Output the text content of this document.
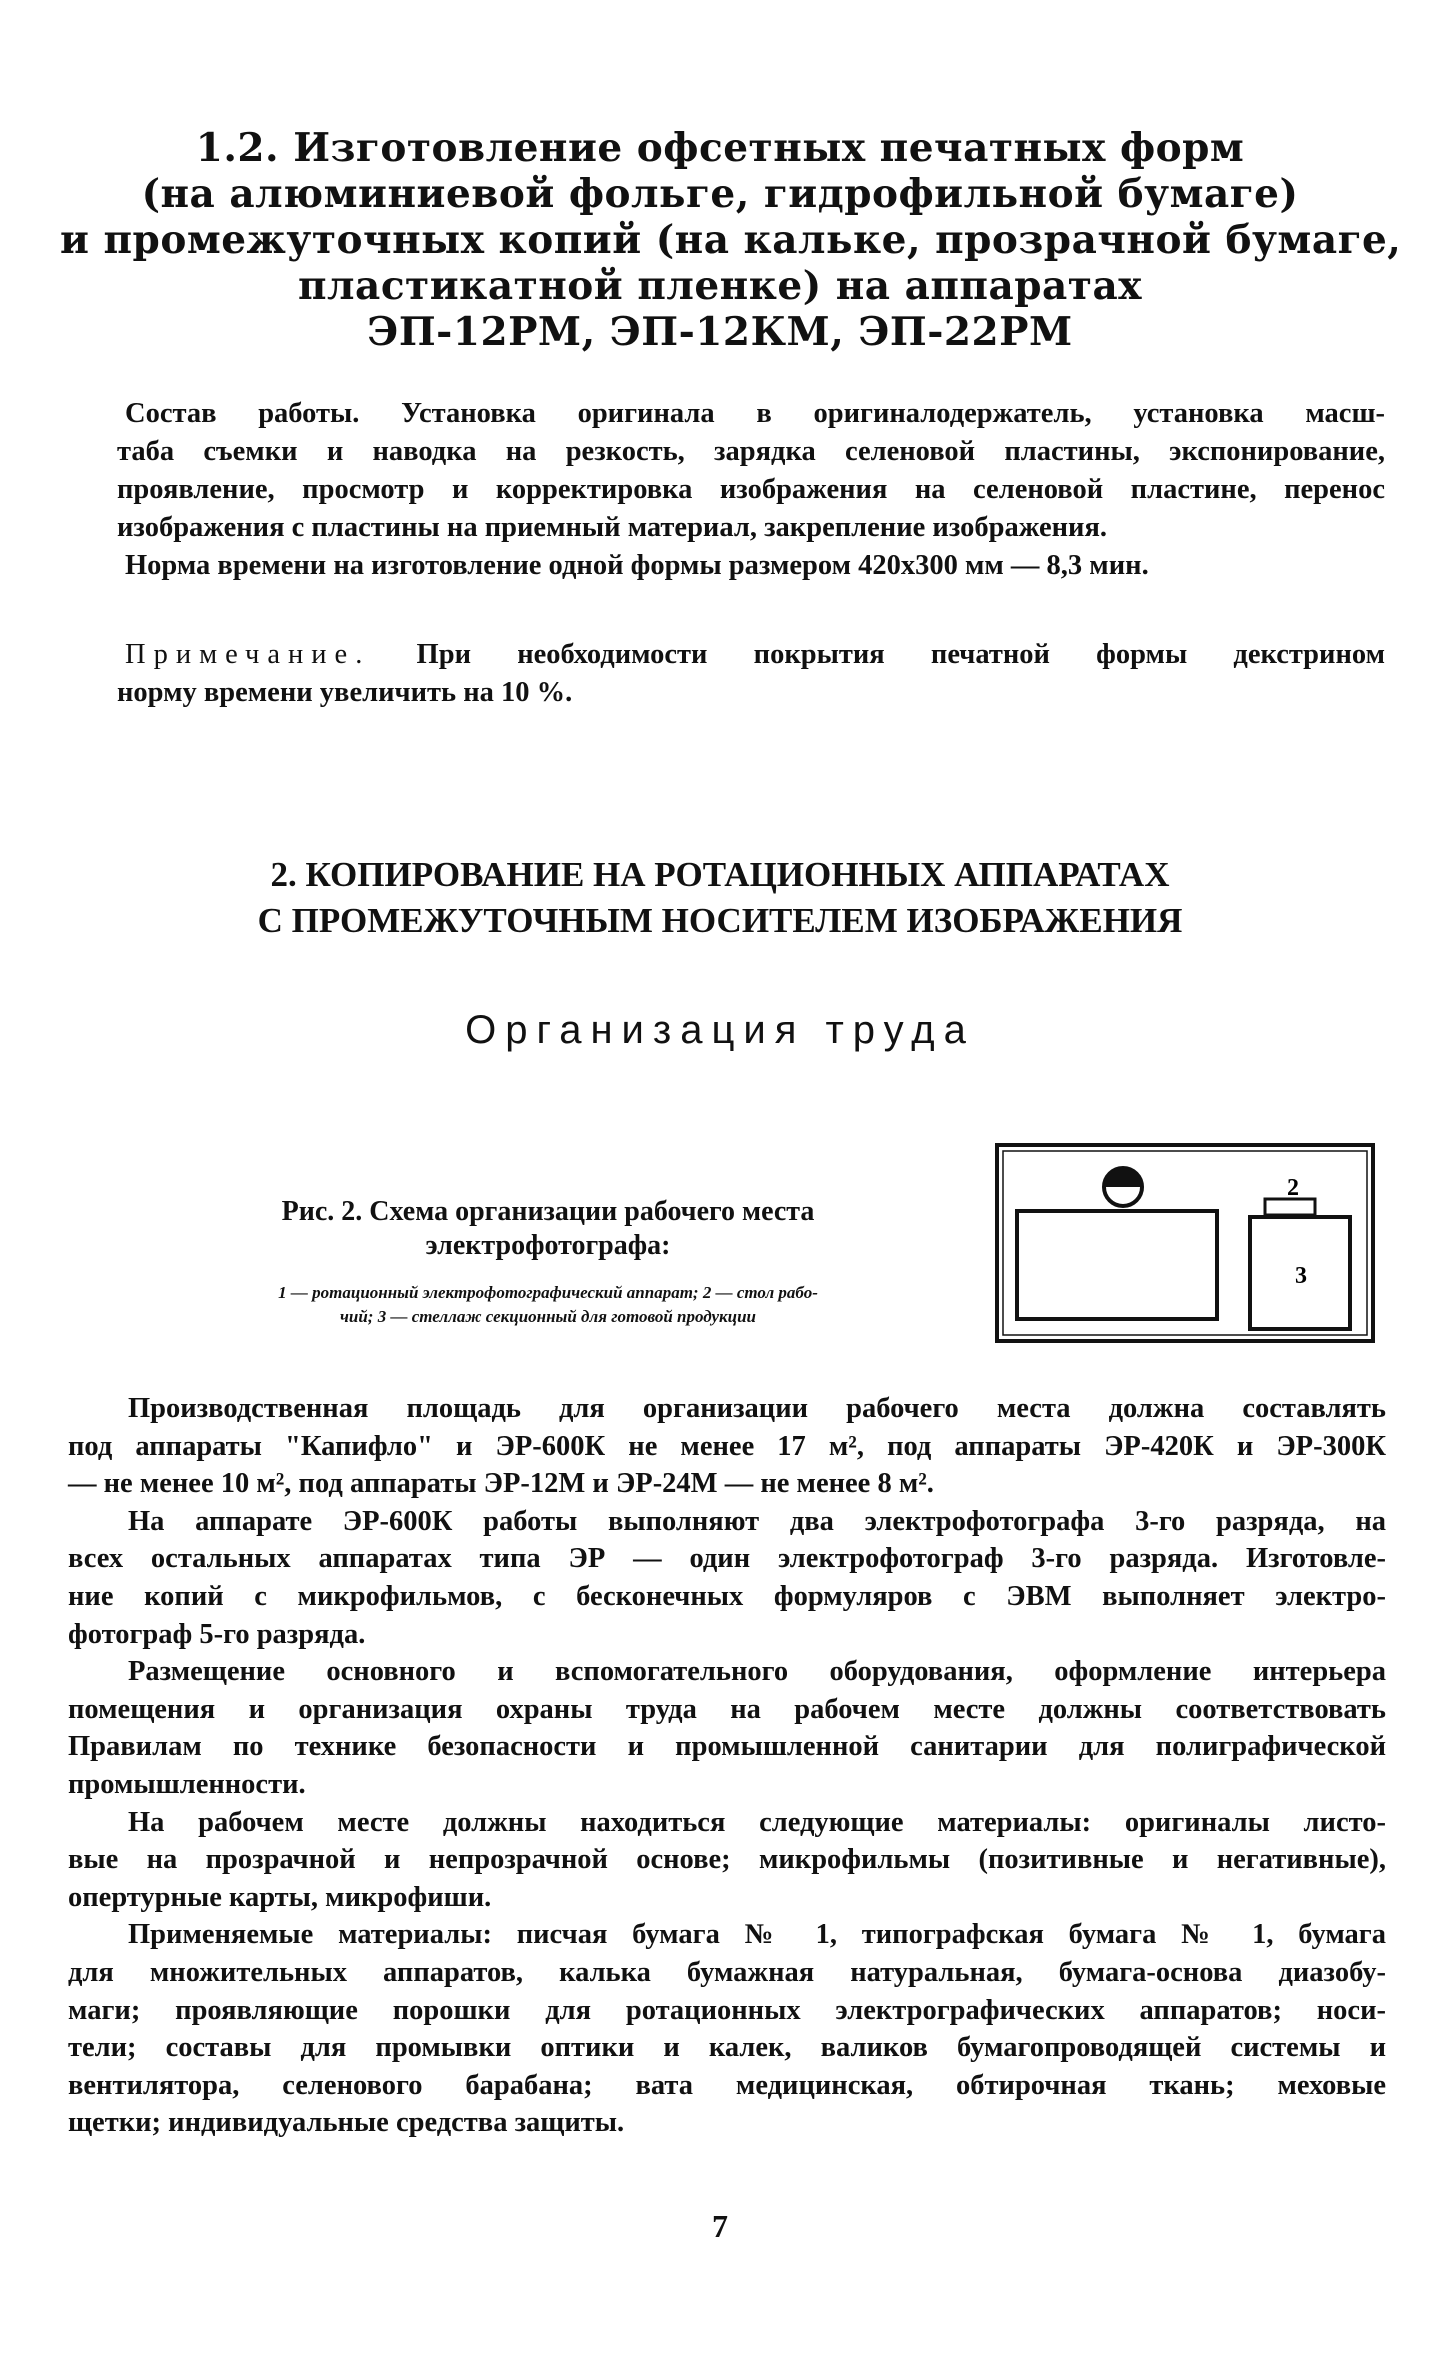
1.2. Изготовление офсетных печатных форм
(на алюминиевой фольге, гидрофильной бумаге)
и промежуточных копий (на кальке, прозрачной бумаге,
пластикатной пленке) на аппаратах
ЭП-12РМ, ЭП-12КМ, ЭП-22РМ
Состав работы. Установка оригинала в оригиналодержатель, установка масш-
таба съемки и наводка на резкость, зарядка селеновой пластины, экспонирование,
проявление, просмотр и корректировка изображения на селеновой пластине, перенос
изображения с пластины на приемный материал, закрепление изображения.
Норма времени на изготовление одной формы размером 420х300 мм — 8,3 мин.
Примечание. При необходимости покрытия печатной формы декстрином
норму времени увеличить на 10 %.
2. КОПИРОВАНИЕ НА РОТАЦИОННЫХ АППАРАТАХ
С ПРОМЕЖУТОЧНЫМ НОСИТЕЛЕМ ИЗОБРАЖЕНИЯ
Организация труда
Рис. 2. Схема организации рабочего места
электрофотографа:
1 — ротационный электрофотографический аппарат; 2 — стол рабо-
чий; 3 — стеллаж секционный для готовой продукции
2
3

Производственная площадь для организации рабочего места должна составлять
под аппараты "Капифло" и ЭР-600К не менее 17 м², под аппараты ЭР-420К и ЭР-300К
— не менее 10 м², под аппараты ЭР-12М и ЭР-24М — не менее 8 м².

На аппарате ЭР-600К работы выполняют два электрофотографа 3-го разряда, на
всех остальных аппаратах типа ЭР — один электрофотограф 3-го разряда. Изготовле-
ние копий с микрофильмов, с бесконечных формуляров с ЭВМ выполняет электро-
фотограф 5-го разряда.

Размещение основного и вспомогательного оборудования, оформление интерьера
помещения и организация охраны труда на рабочем месте должны соответствовать
Правилам по технике безопасности и промышленной санитарии для полиграфической
промышленности.

На рабочем месте должны находиться следующие материалы: оригиналы листо-
вые на прозрачной и непрозрачной основе; микрофильмы (позитивные и негативные),
опертурные карты, микрофиши.

Применяемые материалы: писчая бумага № 1, типографская бумага № 1, бумага
для множительных аппаратов, калька бумажная натуральная, бумага-основа диазобу-
маги; проявляющие порошки для ротационных электрографических аппаратов; носи-
тели; составы для промывки оптики и калек, валиков бумагопроводящей системы и
вентилятора, селенового барабана; вата медицинская, обтирочная ткань; меховые
щетки; индивидуальные средства защиты.

7
